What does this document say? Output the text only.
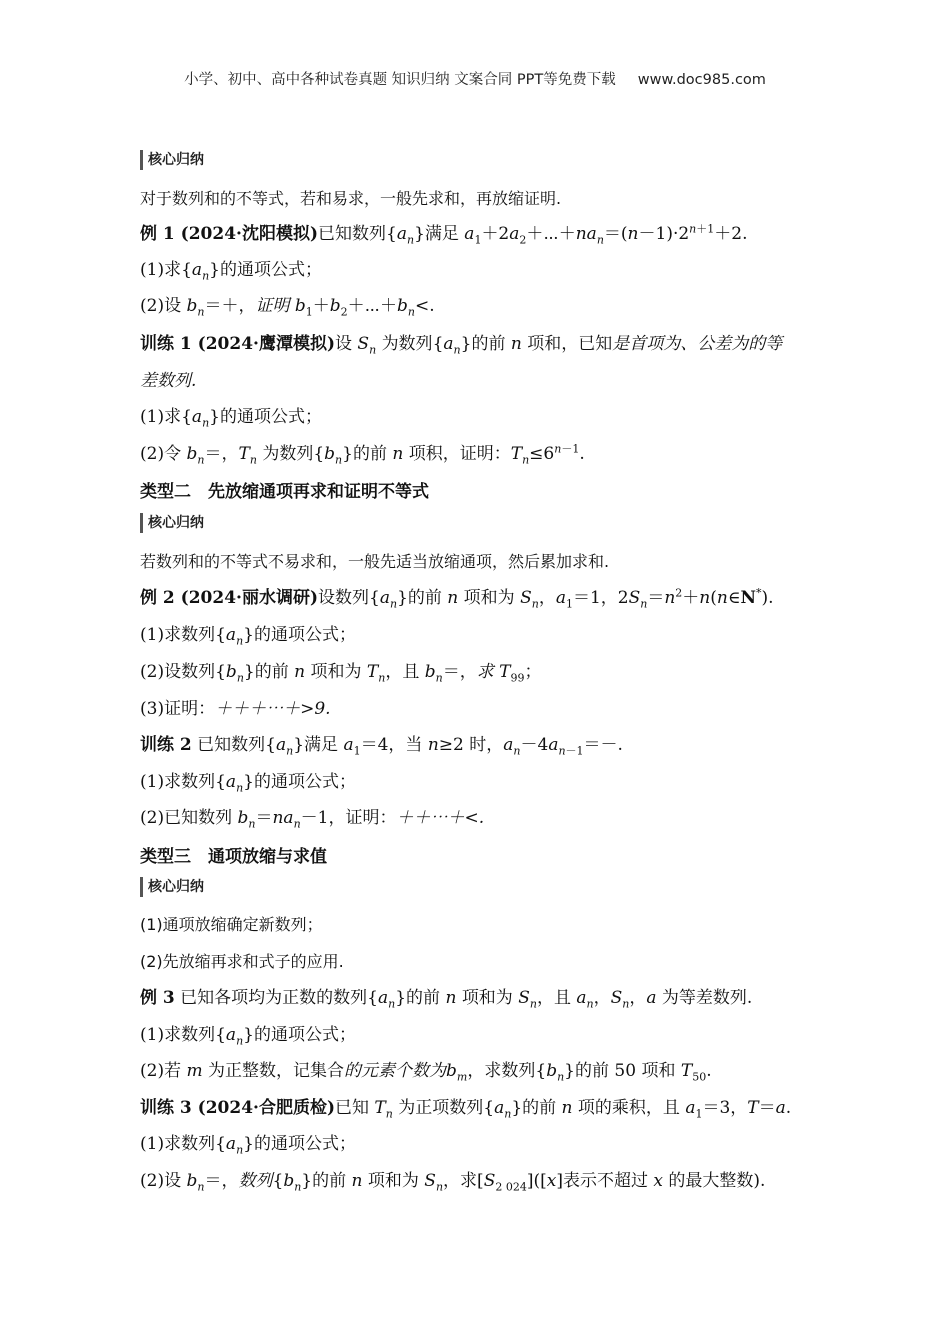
小学、初中、高中各种试卷真题 知识归纳 文案合同 PPT等免费下载 www.doc985.com
核心归纳
对于数列和的不等式，若和易求，一般先求和，再放缩证明.
例 1 (2024·沈阳模拟)已知数列$\{a_n\}$满足 $a_1+2a_2+\cdots+na_n=(n-1)\cdot 2^{n+1}+2$.
(1)求$\{a_n\}$的通项公式；
(2)设 $b_n=+$，证明 $b_1+b_2+\cdots+b_n<$.
训练 1 (2024·鹰潭模拟)设 $S_n$ 为数列$\{a_n\}$的前 n 项和，已知是首项为、公差为的等
差数列.
(1)求$\{a_n\}$的通项公式；
(2)令 $b_n=$，$T_n$ 为数列$\{b_n\}$的前 n 项积，证明：$T_n\le 6^{n-1}$.
类型二　先放缩通项再求和证明不等式
核心归纳
若数列和的不等式不易求和，一般先适当放缩通项，然后累加求和.
例 2 (2024·丽水调研)设数列$\{a_n\}$的前 n 项和为 $S_n$，$a_1=1$，$2S_n=n^2+n(n\in N^*)$.
(1)求数列$\{a_n\}$的通项公式；
(2)设数列$\{b_n\}$的前 n 项和为 $T_n$，且 $b_n=$，求 $T_{99}$；
(3)证明：＋＋＋⋯＋>9.
训练 2 已知数列$\{a_n\}$满足 $a_1=4$，当 n≥2 时，$a_n-4a_{n-1}=-$.
(1)求数列$\{a_n\}$的通项公式；
(2)已知数列 $b_n=na_n-1$，证明：＋＋⋯＋<.
类型三　通项放缩与求值
核心归纳
(1)通项放缩确定新数列；
(2)先放缩再求和式子的应用.
例 3 已知各项均为正数的数列$\{a_n\}$的前 n 项和为 $S_n$，且 $a_n$，$S_n$，a 为等差数列.
(1)求数列$\{a_n\}$的通项公式；
(2)若 m 为正整数，记集合的元素个数为$b_m$，求数列$\{b_n\}$的前 50 项和 $T_{50}$.
训练 3 (2024·合肥质检)已知 $T_n$ 为正项数列$\{a_n\}$的前 n 项的乘积，且 $a_1=3$，T＝a.
(1)求数列$\{a_n\}$的通项公式；
(2)设 $b_n=$，数列$\{b_n\}$的前 n 项和为 $S_n$，求$[S_{2 024}]([x]$表示不超过 x 的最大整数).
